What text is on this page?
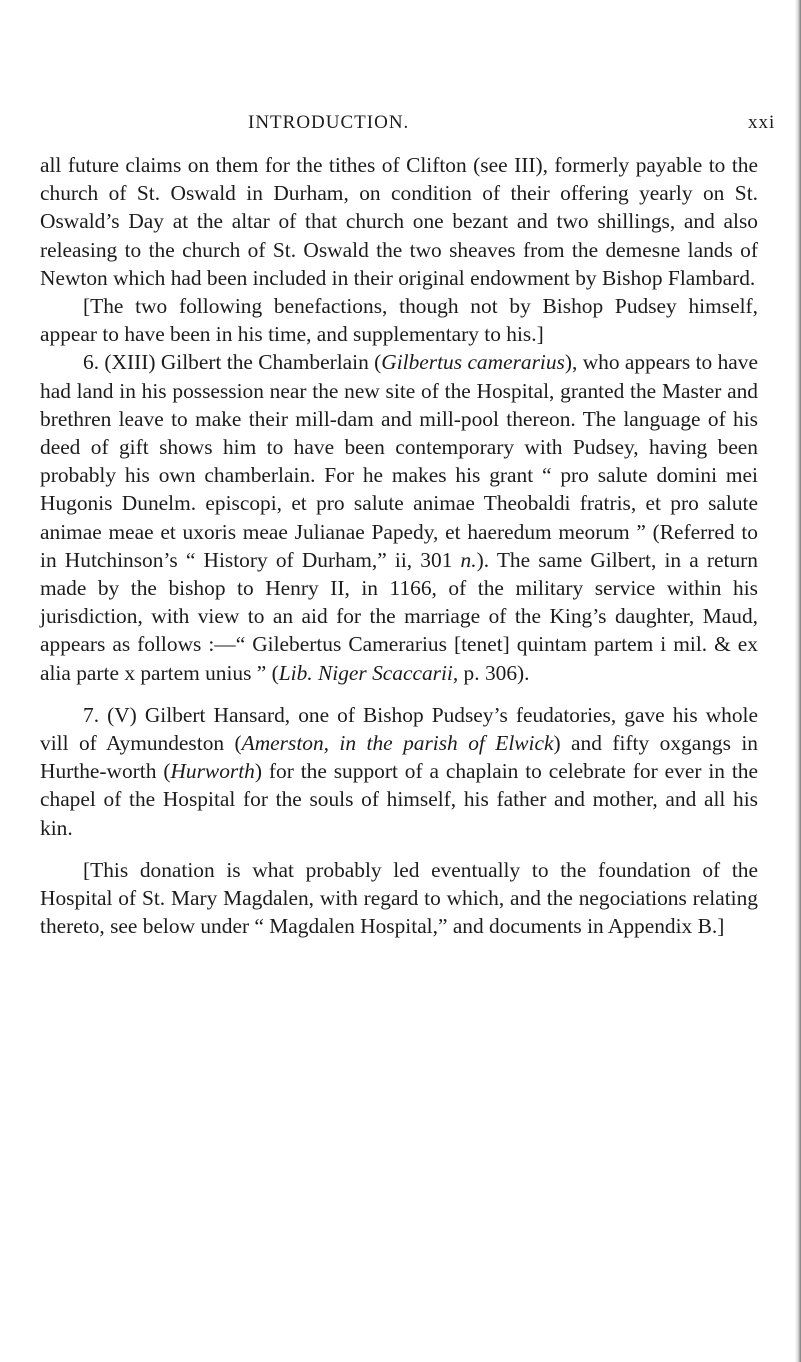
INTRODUCTION.	xxi

all future claims on them for the tithes of Clifton (see III), formerly payable to the church of St. Oswald in Durham, on condition of their offering yearly on St. Oswald’s Day at the altar of that church one bezant and two shillings, and also releasing to the church of St. Oswald the two sheaves from the demesne lands of Newton which had been included in their original endowment by Bishop Flambard.

[The two following benefactions, though not by Bishop Pudsey himself, appear to have been in his time, and supplementary to his.]

6. (XIII) Gilbert the Chamberlain (Gilbertus camerarius), who appears to have had land in his possession near the new site of the Hospital, granted the Master and brethren leave to make their mill-dam and mill-pool thereon. The language of his deed of gift shows him to have been contemporary with Pudsey, having been probably his own chamberlain. For he makes his grant “ pro salute domini mei Hugonis Dunelm. episcopi, et pro salute animae Theobaldi fratris, et pro salute animae meae et uxoris meae Julianae Papedy, et haeredum meorum ” (Referred to in Hutchinson’s “ History of Durham,” ii, 301 n.). The same Gilbert, in a return made by the bishop to Henry II, in 1166, of the military service within his jurisdiction, with view to an aid for the marriage of the King’s daughter, Maud, appears as follows :—“ Gilebertus Camerarius [tenet] quintam partem i mil. & ex alia parte x partem unius ” (Lib. Niger Scaccarii, p. 306).

7. (V) Gilbert Hansard, one of Bishop Pudsey’s feudatories, gave his whole vill of Aymundeston (Amerston, in the parish of Elwick) and fifty oxgangs in Hurthe-worth (Hurworth) for the support of a chaplain to celebrate for ever in the chapel of the Hospital for the souls of himself, his father and mother, and all his kin.

[This donation is what probably led eventually to the foundation of the Hospital of St. Mary Magdalen, with regard to which, and the negociations relating thereto, see below under “ Magdalen Hospital,” and documents in Appendix B.]
